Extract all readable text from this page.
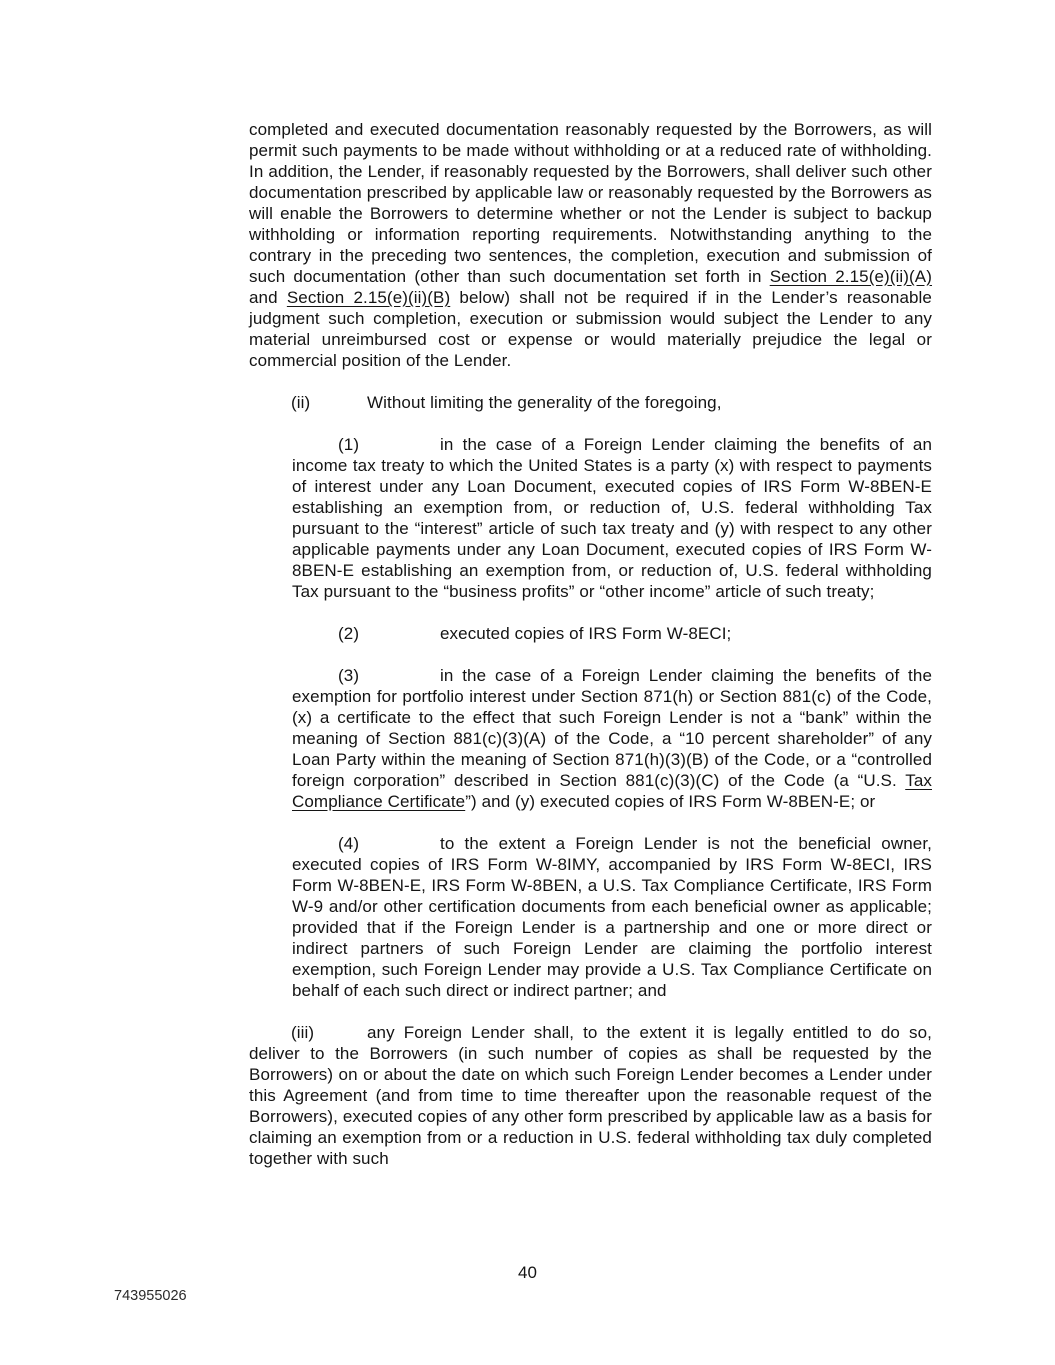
completed and executed documentation reasonably requested by the Borrowers, as will permit such payments to be made without withholding or at a reduced rate of withholding. In addition, the Lender, if reasonably requested by the Borrowers, shall deliver such other documentation prescribed by applicable law or reasonably requested by the Borrowers as will enable the Borrowers to determine whether or not the Lender is subject to backup withholding or information reporting requirements. Notwithstanding anything to the contrary in the preceding two sentences, the completion, execution and submission of such documentation (other than such documentation set forth in Section 2.15(e)(ii)(A) and Section 2.15(e)(ii)(B) below) shall not be required if in the Lender’s reasonable judgment such completion, execution or submission would subject the Lender to any material unreimbursed cost or expense or would materially prejudice the legal or commercial position of the Lender.

(ii)	Without limiting the generality of the foregoing,

(1)	in the case of a Foreign Lender claiming the benefits of an income tax treaty to which the United States is a party (x) with respect to payments of interest under any Loan Document, executed copies of IRS Form W-8BEN-E establishing an exemption from, or reduction of, U.S. federal withholding Tax pursuant to the “interest” article of such tax treaty and (y) with respect to any other applicable payments under any Loan Document, executed copies of IRS Form W-8BEN-E establishing an exemption from, or reduction of, U.S. federal withholding Tax pursuant to the “business profits” or “other income” article of such treaty;

(2)	executed copies of IRS Form W-8ECI;

(3)	in the case of a Foreign Lender claiming the benefits of the exemption for portfolio interest under Section 871(h) or Section 881(c) of the Code, (x) a certificate to the effect that such Foreign Lender is not a “bank” within the meaning of Section 881(c)(3)(A) of the Code, a “10 percent shareholder” of any Loan Party within the meaning of Section 871(h)(3)(B) of the Code, or a “controlled foreign corporation” described in Section 881(c)(3)(C) of the Code (a “U.S. Tax Compliance Certificate”) and (y) executed copies of IRS Form W-8BEN-E; or

(4)	to the extent a Foreign Lender is not the beneficial owner, executed copies of IRS Form W-8IMY, accompanied by IRS Form W-8ECI, IRS Form W-8BEN-E, IRS Form W-8BEN, a U.S. Tax Compliance Certificate, IRS Form W-9 and/or other certification documents from each beneficial owner as applicable; provided that if the Foreign Lender is a partnership and one or more direct or indirect partners of such Foreign Lender are claiming the portfolio interest exemption, such Foreign Lender may provide a U.S. Tax Compliance Certificate on behalf of each such direct or indirect partner; and

(iii)	any Foreign Lender shall, to the extent it is legally entitled to do so, deliver to the Borrowers (in such number of copies as shall be requested by the Borrowers) on or about the date on which such Foreign Lender becomes a Lender under this Agreement (and from time to time thereafter upon the reasonable request of the Borrowers), executed copies of any other form prescribed by applicable law as a basis for claiming an exemption from or a reduction in U.S. federal withholding tax duly completed together with such

40
743955026
